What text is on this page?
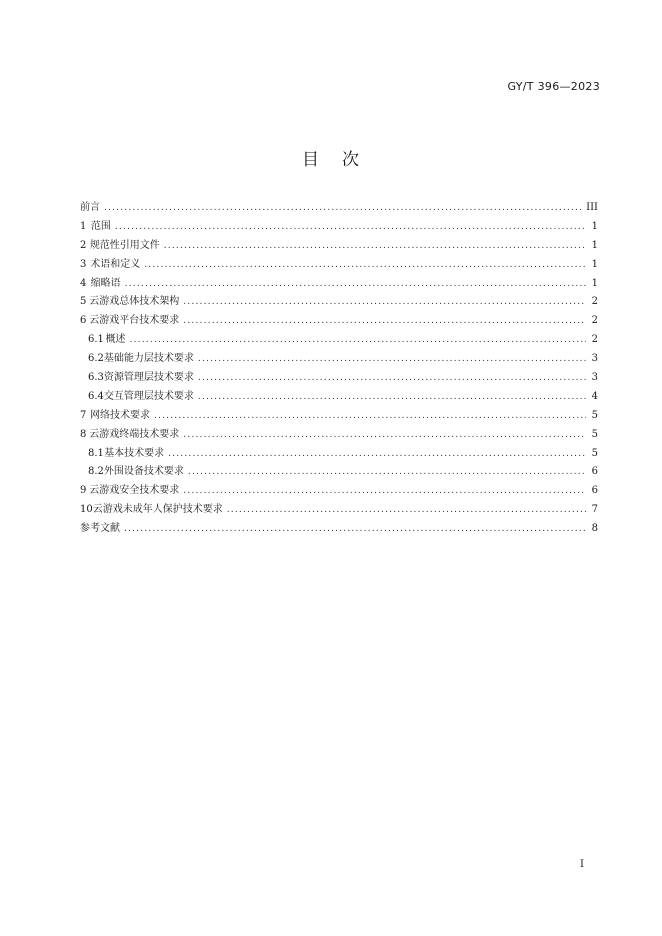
GY/T 396—2023
目 次
前言 .....	III
1 范围 .....	1
2 规范性引用文件 .....	1
3 术语和定义 .....	1
4 缩略语 .....	1
5 云游戏总体技术架构 .....	2
6 云游戏平台技术要求 .....	2
6.1 概述 .....	2
6.2 基础能力层技术要求 .....	3
6.3 资源管理层技术要求 .....	3
6.4 交互管理层技术要求 .....	4
7 网络技术要求 .....	5
8 云游戏终端技术要求 .....	5
8.1 基本技术要求 .....	5
8.2 外围设备技术要求 .....	6
9 云游戏安全技术要求 .....	6
10 云游戏未成年人保护技术要求 .....	7
参考文献 .....	8
I
